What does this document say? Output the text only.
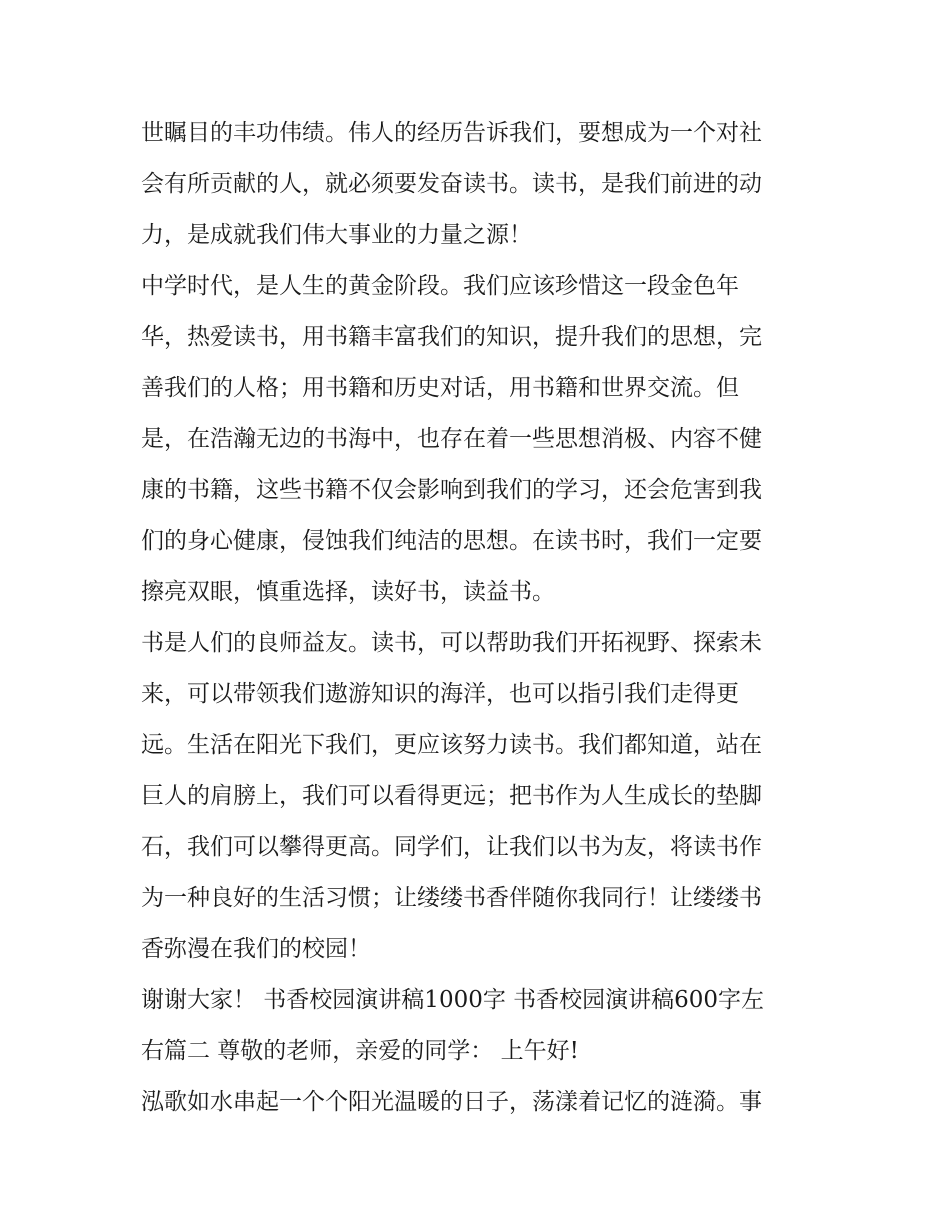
世瞩目的丰功伟绩。伟人的经历告诉我们，要想成为一个对社
会有所贡献的人，就必须要发奋读书。读书，是我们前进的动
力，是成就我们伟大事业的力量之源！
中学时代，是人生的黄金阶段。我们应该珍惜这一段金色年
华，热爱读书，用书籍丰富我们的知识，提升我们的思想，完
善我们的人格；用书籍和历史对话，用书籍和世界交流。但
是，在浩瀚无边的书海中，也存在着一些思想消极、内容不健
康的书籍，这些书籍不仅会影响到我们的学习，还会危害到我
们的身心健康，侵蚀我们纯洁的思想。在读书时，我们一定要
擦亮双眼，慎重选择，读好书，读益书。
书是人们的良师益友。读书，可以帮助我们开拓视野、探索未
来，可以带领我们遨游知识的海洋，也可以指引我们走得更
远。生活在阳光下我们，更应该努力读书。我们都知道，站在
巨人的肩膀上，我们可以看得更远；把书作为人生成长的垫脚
石，我们可以攀得更高。同学们，让我们以书为友，将读书作
为一种良好的生活习惯；让缕缕书香伴随你我同行！让缕缕书
香弥漫在我们的校园！
谢谢大家！ 书香校园演讲稿1000字 书香校园演讲稿600字左
右篇二 尊敬的老师，亲爱的同学： 上午好!
泓歌如水串起一个个阳光温暖的日子，荡漾着记忆的涟漪。事
